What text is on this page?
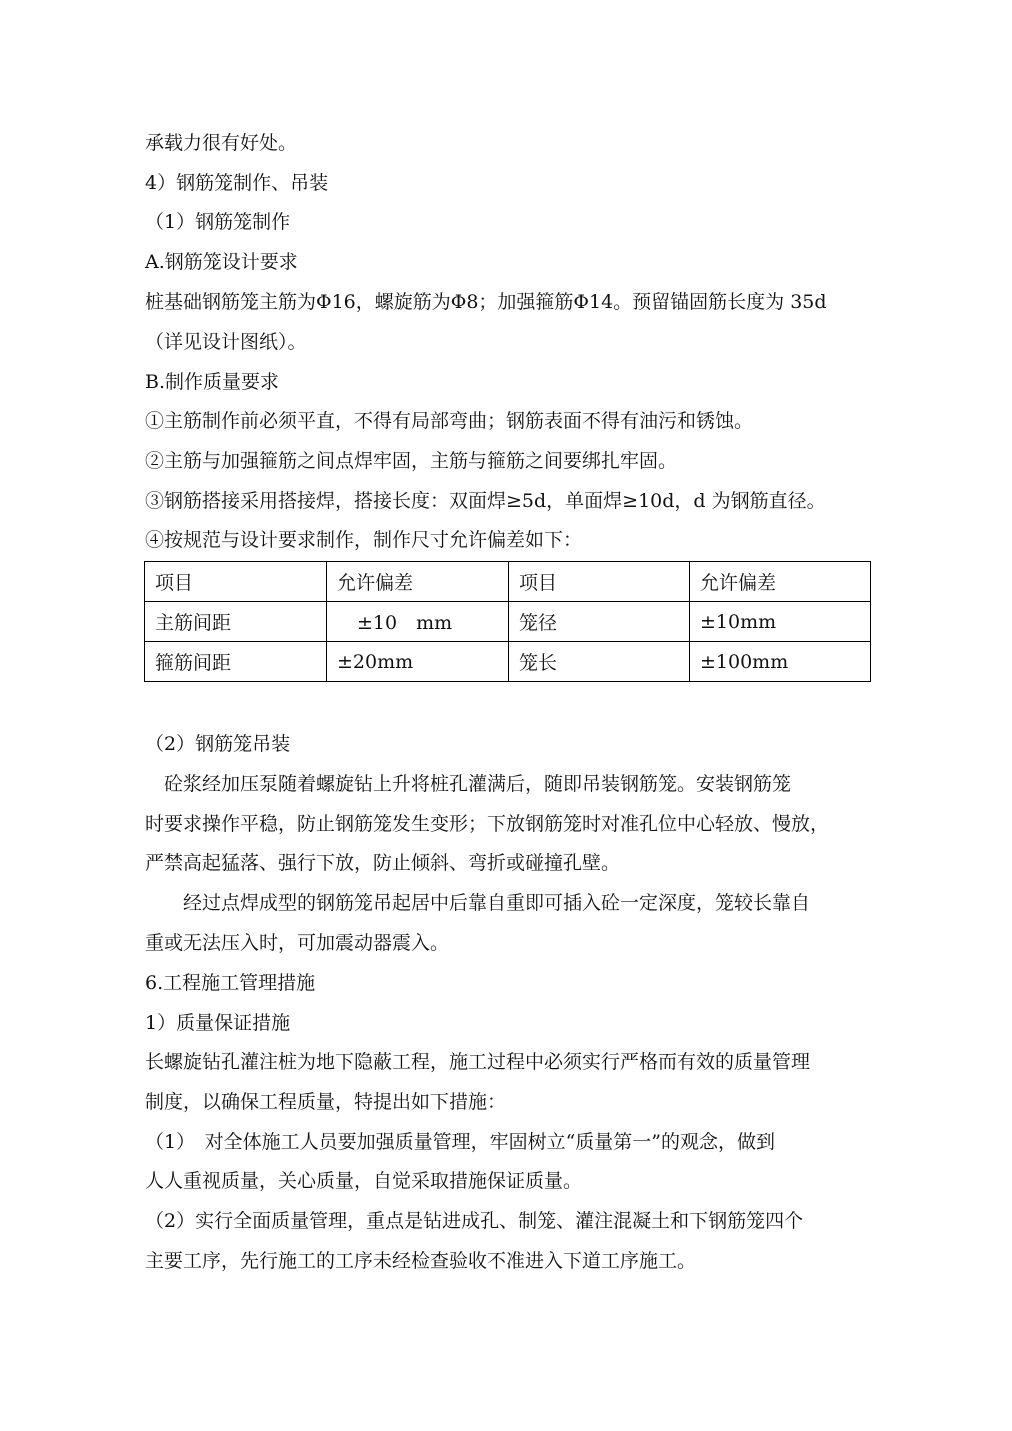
承载力很有好处。
4）钢筋笼制作、吊装
（1）钢筋笼制作
A.钢筋笼设计要求
桩基础钢筋笼主筋为Φ16，螺旋筋为Φ8；加强箍筋Φ14。预留锚固筋长度为 35d
（详见设计图纸）。
B.制作质量要求
①主筋制作前必须平直，不得有局部弯曲；钢筋表面不得有油污和锈蚀。
②主筋与加强箍筋之间点焊牢固，主筋与箍筋之间要绑扎牢固。
③钢筋搭接采用搭接焊，搭接长度：双面焊≥5d，单面焊≥10d，d 为钢筋直径。
④按规范与设计要求制作，制作尺寸允许偏差如下：
项目	允许偏差	项目	允许偏差
主筋间距	±10　mm	笼径	±10mm
箍筋间距	±20mm	笼长	±100mm
（2）钢筋笼吊装
　砼浆经加压泵随着螺旋钻上升将桩孔灌满后，随即吊装钢筋笼。安装钢筋笼
时要求操作平稳，防止钢筋笼发生变形；下放钢筋笼时对准孔位中心轻放、慢放，
严禁高起猛落、强行下放，防止倾斜、弯折或碰撞孔壁。
　　经过点焊成型的钢筋笼吊起居中后靠自重即可插入砼一定深度，笼较长靠自
重或无法压入时，可加震动器震入。
6.工程施工管理措施
1）质量保证措施
长螺旋钻孔灌注桩为地下隐蔽工程，施工过程中必须实行严格而有效的质量管理
制度，以确保工程质量，特提出如下措施：
（1）　对全体施工人员要加强质量管理，牢固树立“质量第一”的观念，做到
人人重视质量，关心质量，自觉采取措施保证质量。
（2）实行全面质量管理，重点是钻进成孔、制笼、灌注混凝土和下钢筋笼四个
主要工序，先行施工的工序未经检查验收不准进入下道工序施工。
